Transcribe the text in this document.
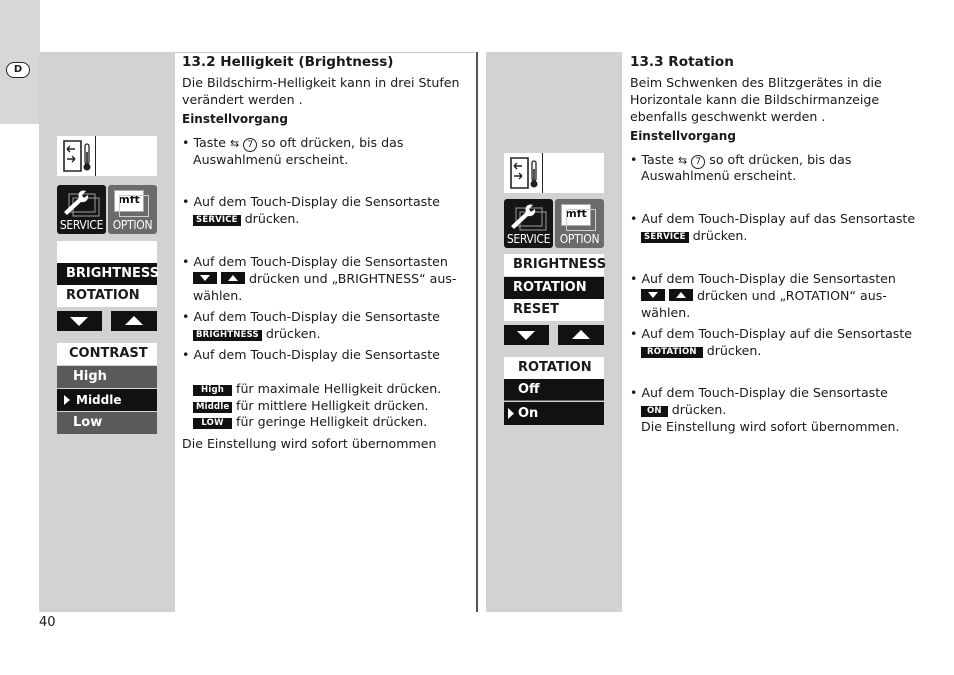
D
40
SERVICE
mft
OPTION
BRIGHTNESS
ROTATION
CONTRAST
High
Middle
Low
SERVICE
mft
OPTION
BRIGHTNESS
ROTATION
RESET
ROTATION
Off
On
13.2 Helligkeit (Brightness)
Die Bildschirm-Helligkeit kann in drei Stufen
verändert werden .
Einstellvorgang
• Taste ⇆ 7 so oft drücken, bis das
Auswahlmenü erscheint.
• Auf dem Touch-Display die Sensortaste
SERVICE drücken.
• Auf dem Touch-Display die Sensortasten
drücken und „BRIGHTNESS“ aus-
wählen.
• Auf dem Touch-Display die Sensortaste
BRIGHTNESS drücken.
• Auf dem Touch-Display die Sensortaste
High für maximale Helligkeit drücken.
Middle für mittlere Helligkeit drücken.
LOW für geringe Helligkeit drücken.
Die Einstellung wird sofort übernommen
13.3 Rotation
Beim Schwenken des Blitzgerätes in die
Horizontale kann die Bildschirmanzeige
ebenfalls geschwenkt werden .
Einstellvorgang
• Taste ⇆ 7 so oft drücken, bis das
Auswahlmenü erscheint.
• Auf dem Touch-Display auf das Sensortaste
SERVICE drücken.
• Auf dem Touch-Display die Sensortasten
drücken und „ROTATION“ aus-
wählen.
• Auf dem Touch-Display auf die Sensortaste
ROTATION drücken.
• Auf dem Touch-Display die Sensortaste
ON drücken.
Die Einstellung wird sofort übernommen.
